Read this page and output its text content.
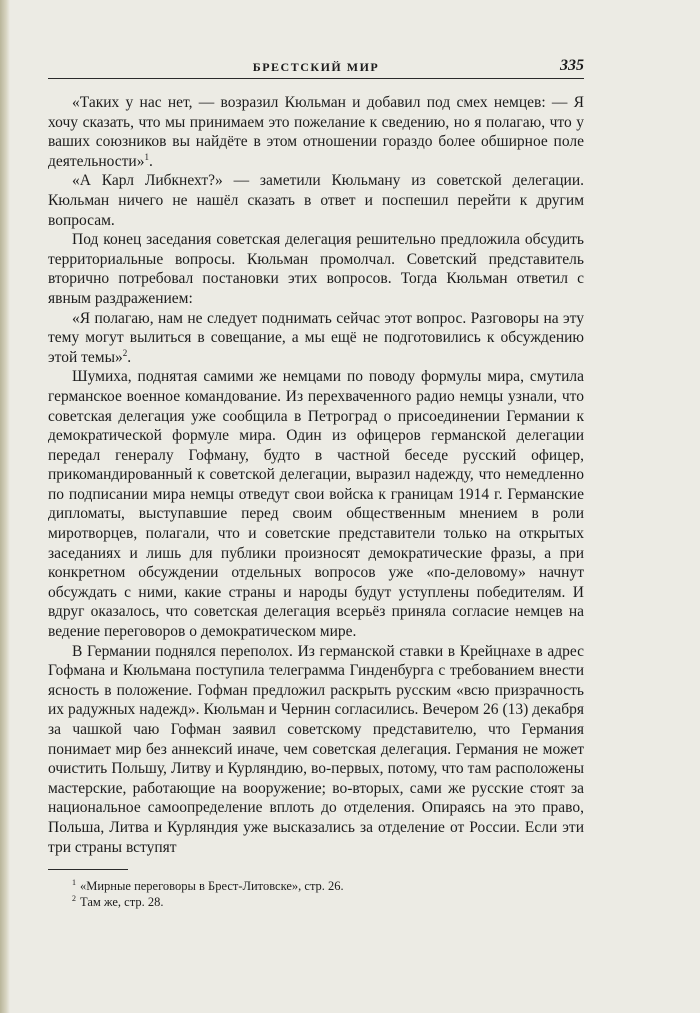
БРЕСТСКИЙ МИР	335

«Таких у нас нет, — возразил Кюльман и добавил под смех немцев: — Я хочу сказать, что мы принимаем это пожелание к сведению, но я полагаю, что у ваших союзников вы найдёте в этом отношении гораздо более обширное поле деятельности»$^1$.

«А Карл Либкнехт?» — заметили Кюльману из советской делегации. Кюльман ничего не нашёл сказать в ответ и поспешил перейти к другим вопросам.

Под конец заседания советская делегация решительно предложила обсудить территориальные вопросы. Кюльман промолчал. Советский представитель вторично потребовал постановки этих вопросов. Тогда Кюльман ответил с явным раздражением:

«Я полагаю, нам не следует поднимать сейчас этот вопрос. Разговоры на эту тему могут вылиться в совещание, а мы ещё не подготовились к обсуждению этой темы»$^2$.

Шумиха, поднятая самими же немцами по поводу формулы мира, смутила германское военное командование. Из перехваченного радио немцы узнали, что советская делегация уже сообщила в Петроград о присоединении Германии к демократической формуле мира. Один из офицеров германской делегации передал генералу Гофману, будто в частной беседе русский офицер, прикомандированный к советской делегации, выразил надежду, что немедленно по подписании мира немцы отведут свои войска к границам 1914 г. Германские дипломаты, выступавшие перед своим общественным мнением в роли миротворцев, полагали, что и советские представители только на открытых заседаниях и лишь для публики произносят демократические фразы, а при конкретном обсуждении отдельных вопросов уже «по-деловому» начнут обсуждать с ними, какие страны и народы будут уступлены победителям. И вдруг оказалось, что советская делегация всерьёз приняла согласие немцев на ведение переговоров о демократическом мире.

В Германии поднялся переполох. Из германской ставки в Крейцнахе в адрес Гофмана и Кюльмана поступила телеграмма Гинденбурга с требованием внести ясность в положение. Гофман предложил раскрыть русским «всю призрачность их радужных надежд». Кюльман и Чернин согласились. Вечером 26 (13) декабря за чашкой чаю Гофман заявил советскому представителю, что Германия понимает мир без аннексий иначе, чем советская делегация. Германия не может очистить Польшу, Литву и Курляндию, во-первых, потому, что там расположены мастерские, работающие на вооружение; во-вторых, сами же русские стоят за национальное самоопределение вплоть до отделения. Опираясь на это право, Польша, Литва и Курляндия уже высказались за отделение от России. Если эти три страны вступят

$^1$ «Мирные переговоры в Брест-Литовске», стр. 26.
$^2$ Там же, стр. 28.
